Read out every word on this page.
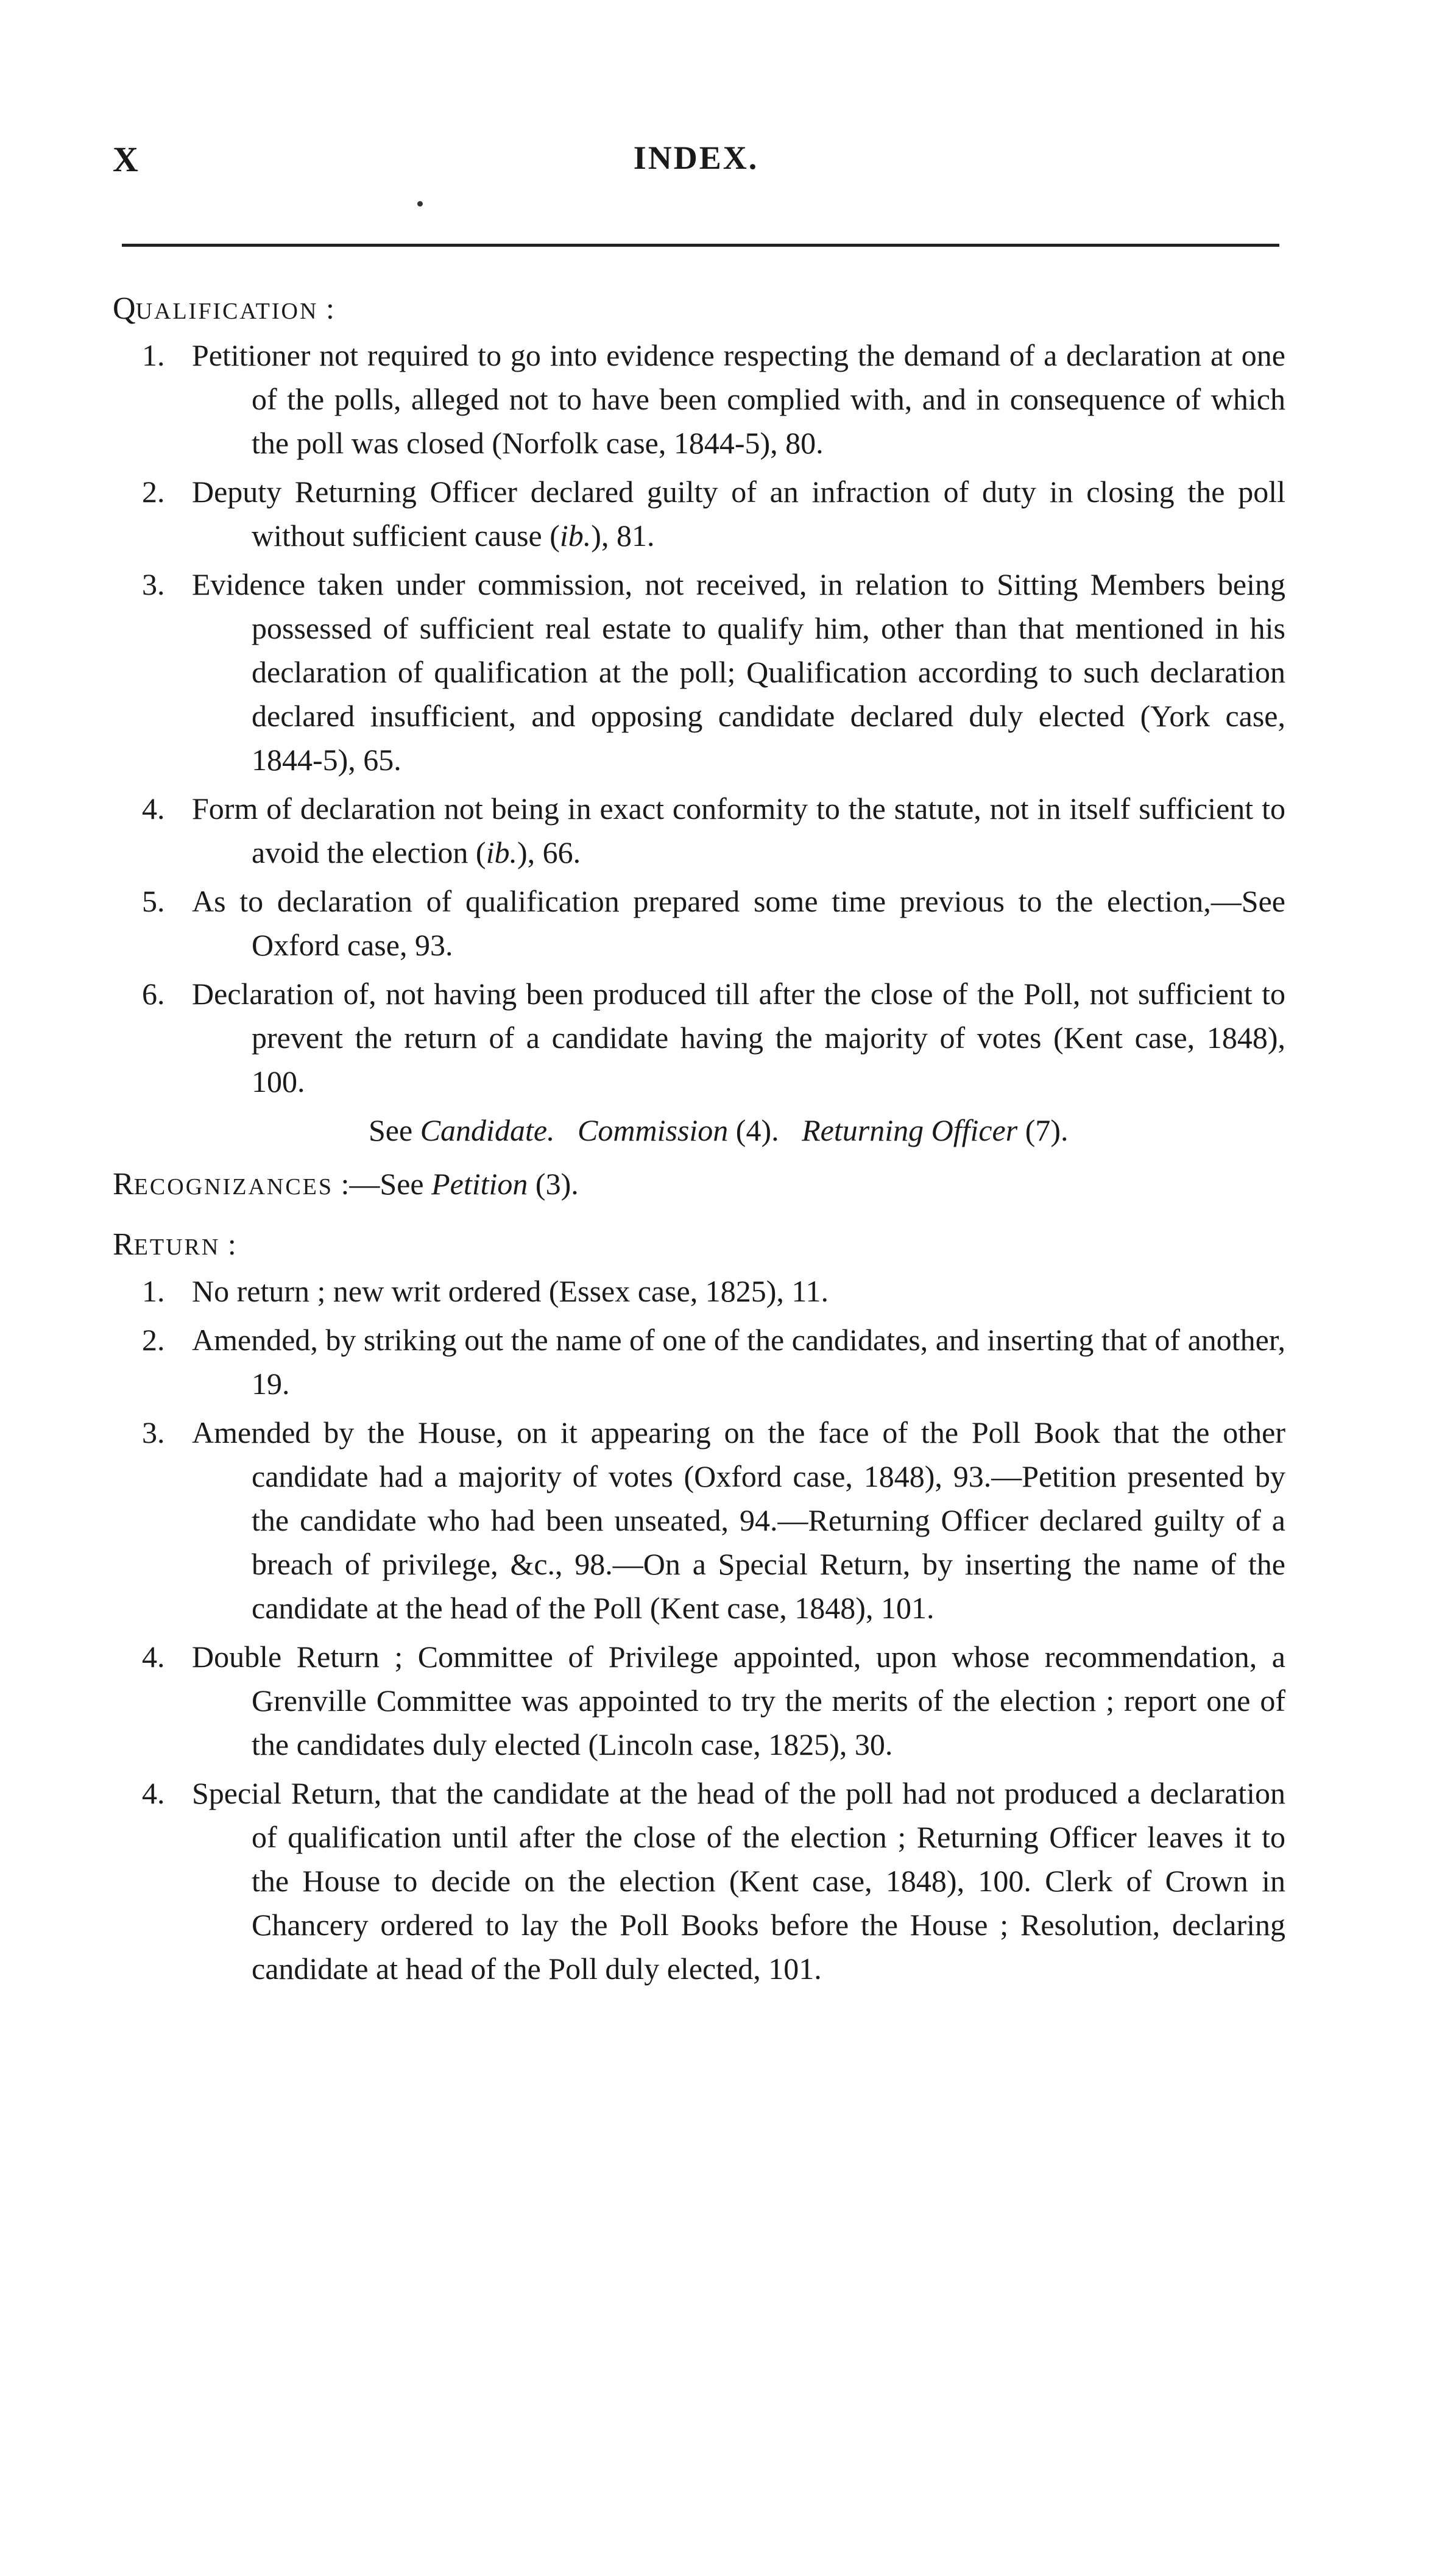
X	INDEX.
QUALIFICATION :

1. Petitioner not required to go into evidence respecting the demand of a declaration at one of the polls, alleged not to have been complied with, and in consequence of which the poll was closed (Norfolk case, 1844-5), 80.

2. Deputy Returning Officer declared guilty of an infraction of duty in closing the poll without sufficient cause (ib.), 81.

3. Evidence taken under commission, not received, in relation to Sitting Members being possessed of sufficient real estate to qualify him, other than that mentioned in his declaration of qualification at the poll; Qualification according to such declaration declared insufficient, and opposing candidate declared duly elected (York case, 1844-5), 65.

4. Form of declaration not being in exact conformity to the statute, not in itself sufficient to avoid the election (ib.), 66.

5. As to declaration of qualification prepared some time previous to the election,—See Oxford case, 93.

6. Declaration of, not having been produced till after the close of the Poll, not sufficient to prevent the return of a candidate having the majority of votes (Kent case, 1848), 100.

See Candidate. Commission (4). Returning Officer (7).
RECOGNIZANCES :—See Petition (3).
RETURN :

1. No return ; new writ ordered (Essex case, 1825), 11.

2. Amended, by striking out the name of one of the candidates, and inserting that of another, 19.

3. Amended by the House, on it appearing on the face of the Poll Book that the other candidate had a majority of votes (Oxford case, 1848), 93.—Petition presented by the candidate who had been unseated, 94.—Returning Officer declared guilty of a breach of privilege, &c., 98.—On a Special Return, by inserting the name of the candidate at the head of the Poll (Kent case, 1848), 101.

4. Double Return ; Committee of Privilege appointed, upon whose recommendation, a Grenville Committee was appointed to try the merits of the election ; report one of the candidates duly elected (Lincoln case, 1825), 30.

4. Special Return, that the candidate at the head of the poll had not produced a declaration of qualification until after the close of the election ; Returning Officer leaves it to the House to decide on the election (Kent case, 1848), 100. Clerk of Crown in Chancery ordered to lay the Poll Books before the House ; Resolution, declaring candidate at head of the Poll duly elected, 101.
